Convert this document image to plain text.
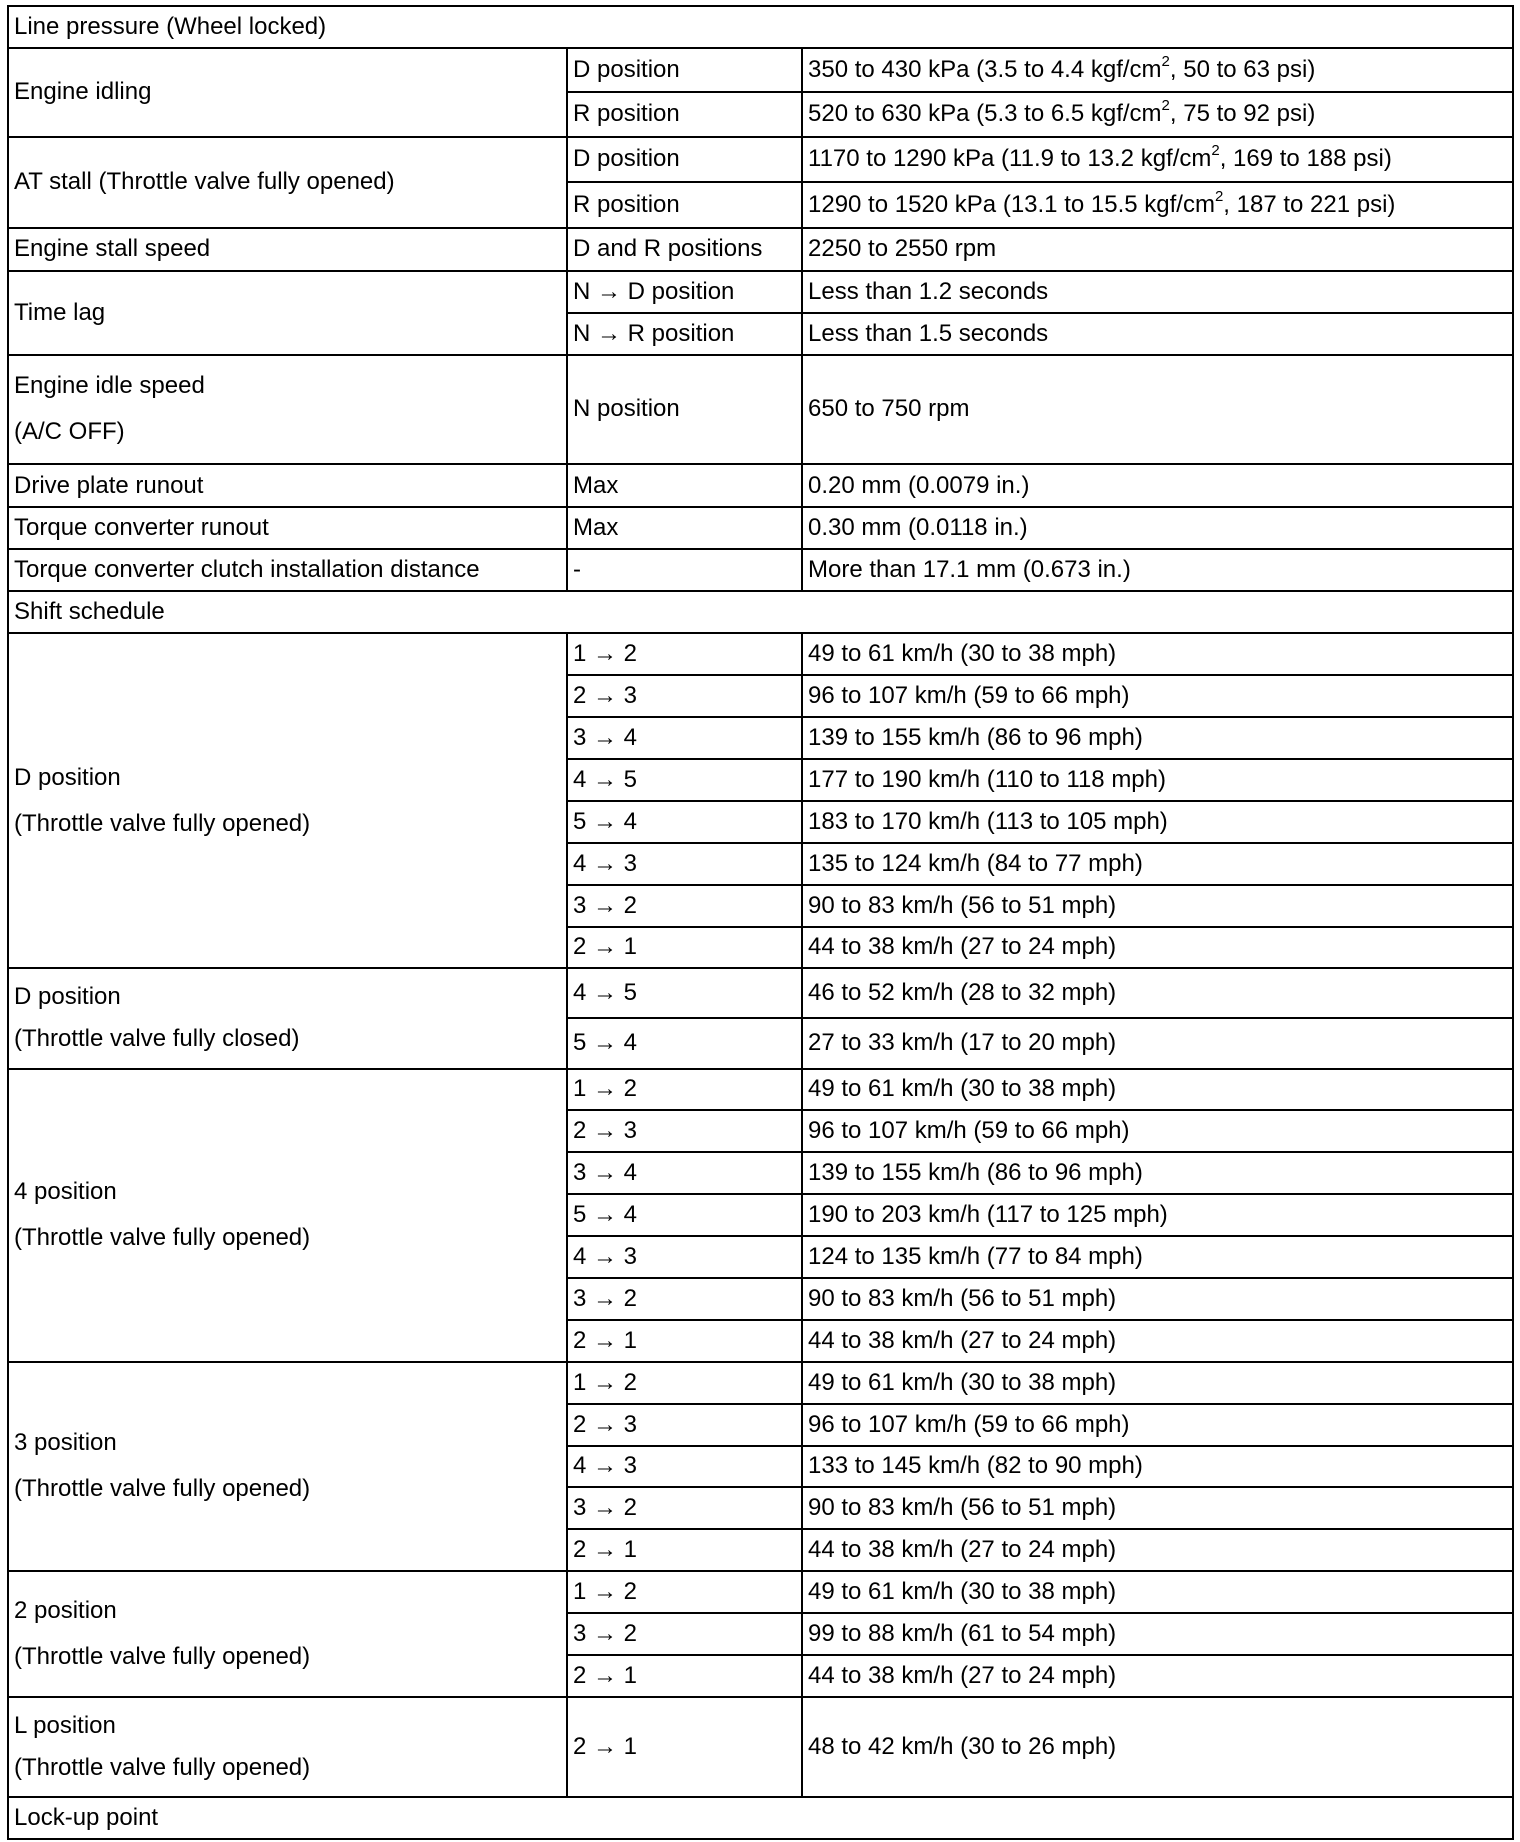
Line pressure (Wheel locked)		
Engine idling	D position	350 to 430 kPa (3.5 to 4.4 kgf/$cm^2$, 50 to 63 psi)
	R position	520 to 630 kPa (5.3 to 6.5 kgf/$cm^2$, 75 to 92 psi)
AT stall (Throttle valve fully opened)	D position	1170 to 1290 kPa (11.9 to 13.2 kgf/$cm^2$, 169 to 188 psi)
	R position	1290 to 1520 kPa (13.1 to 15.5 kgf/$cm^2$, 187 to 221 psi)
Engine stall speed	D and R positions	2250 to 2550 rpm
Time lag	N → D position	Less than 1.2 seconds
	N → R position	Less than 1.5 seconds

Engine idle speed
(A/C OFF)	N position	650 to 750 rpm
Drive plate runout	Max	0.20 mm (0.0079 in.)
Torque converter runout	Max	0.30 mm (0.0118 in.)
Torque converter clutch installation distance	-	More than 17.1 mm (0.673 in.)
Shift schedule		

D position
(Throttle valve fully opened)	1 → 2	49 to 61 km/h (30 to 38 mph)
	2 → 3	96 to 107 km/h (59 to 66 mph)
	3 → 4	139 to 155 km/h (86 to 96 mph)
	4 → 5	177 to 190 km/h (110 to 118 mph)
	5 → 4	183 to 170 km/h (113 to 105 mph)
	4 → 3	135 to 124 km/h (84 to 77 mph)
	3 → 2	90 to 83 km/h (56 to 51 mph)
	2 → 1	44 to 38 km/h (27 to 24 mph)

D position
(Throttle valve fully closed)	4 → 5	46 to 52 km/h (28 to 32 mph)
	5 → 4	27 to 33 km/h (17 to 20 mph)

4 position
(Throttle valve fully opened)	1 → 2	49 to 61 km/h (30 to 38 mph)
	2 → 3	96 to 107 km/h (59 to 66 mph)
	3 → 4	139 to 155 km/h (86 to 96 mph)
	5 → 4	190 to 203 km/h (117 to 125 mph)
	4 → 3	124 to 135 km/h (77 to 84 mph)
	3 → 2	90 to 83 km/h (56 to 51 mph)
	2 → 1	44 to 38 km/h (27 to 24 mph)

3 position
(Throttle valve fully opened)	1 → 2	49 to 61 km/h (30 to 38 mph)
	2 → 3	96 to 107 km/h (59 to 66 mph)
	4 → 3	133 to 145 km/h (82 to 90 mph)
	3 → 2	90 to 83 km/h (56 to 51 mph)
	2 → 1	44 to 38 km/h (27 to 24 mph)

2 position
(Throttle valve fully opened)	1 → 2	49 to 61 km/h (30 to 38 mph)
	3 → 2	99 to 88 km/h (61 to 54 mph)
	2 → 1	44 to 38 km/h (27 to 24 mph)

L position
(Throttle valve fully opened)	2 → 1	48 to 42 km/h (30 to 26 mph)
Lock-up point		
